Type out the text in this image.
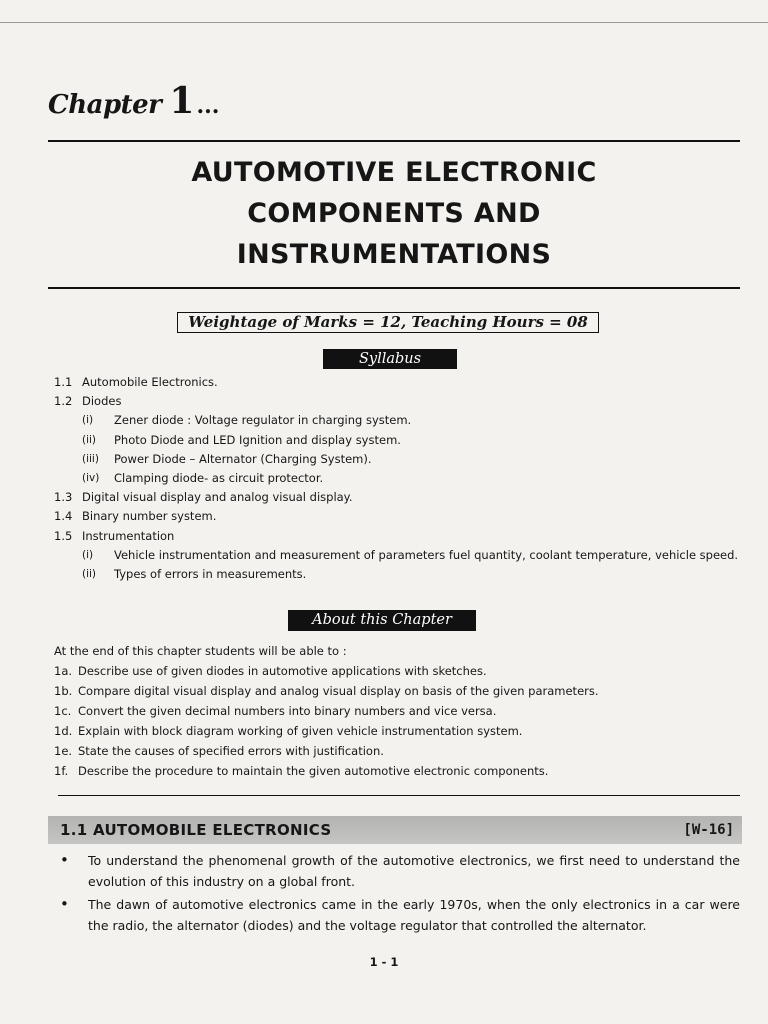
Chapter 1 ...
AUTOMOTIVE ELECTRONIC
COMPONENTS AND
INSTRUMENTATIONS
Weightage of Marks = 12, Teaching Hours = 08
Syllabus
1.1 Automobile Electronics.
1.2 Diodes
(i)	Zener diode : Voltage regulator in charging system.
(ii)	Photo Diode and LED Ignition and display system.
(iii)	Power Diode – Alternator (Charging System).
(iv)	Clamping diode- as circuit protector.
1.3 Digital visual display and analog visual display.
1.4 Binary number system.
1.5 Instrumentation
(i)	Vehicle instrumentation and measurement of parameters fuel quantity, coolant temperature, vehicle speed.
(ii)	Types of errors in measurements.
About this Chapter
At the end of this chapter students will be able to :
1a. Describe use of given diodes in automotive applications with sketches.
1b. Compare digital visual display and analog visual display on basis of the given parameters.
1c. Convert the given decimal numbers into binary numbers and vice versa.
1d. Explain with block diagram working of given vehicle instrumentation system.
1e. State the causes of specified errors with justification.
1f. Describe the procedure to maintain the given automotive electronic components.
1.1 AUTOMOBILE ELECTRONICS	[W-16]
•	To understand the phenomenal growth of the automotive electronics, we first need to understand the evolution of this industry on a global front.
•	The dawn of automotive electronics came in the early 1970s, when the only electronics in a car were the radio, the alternator (diodes) and the voltage regulator that controlled the alternator.
1 - 1
